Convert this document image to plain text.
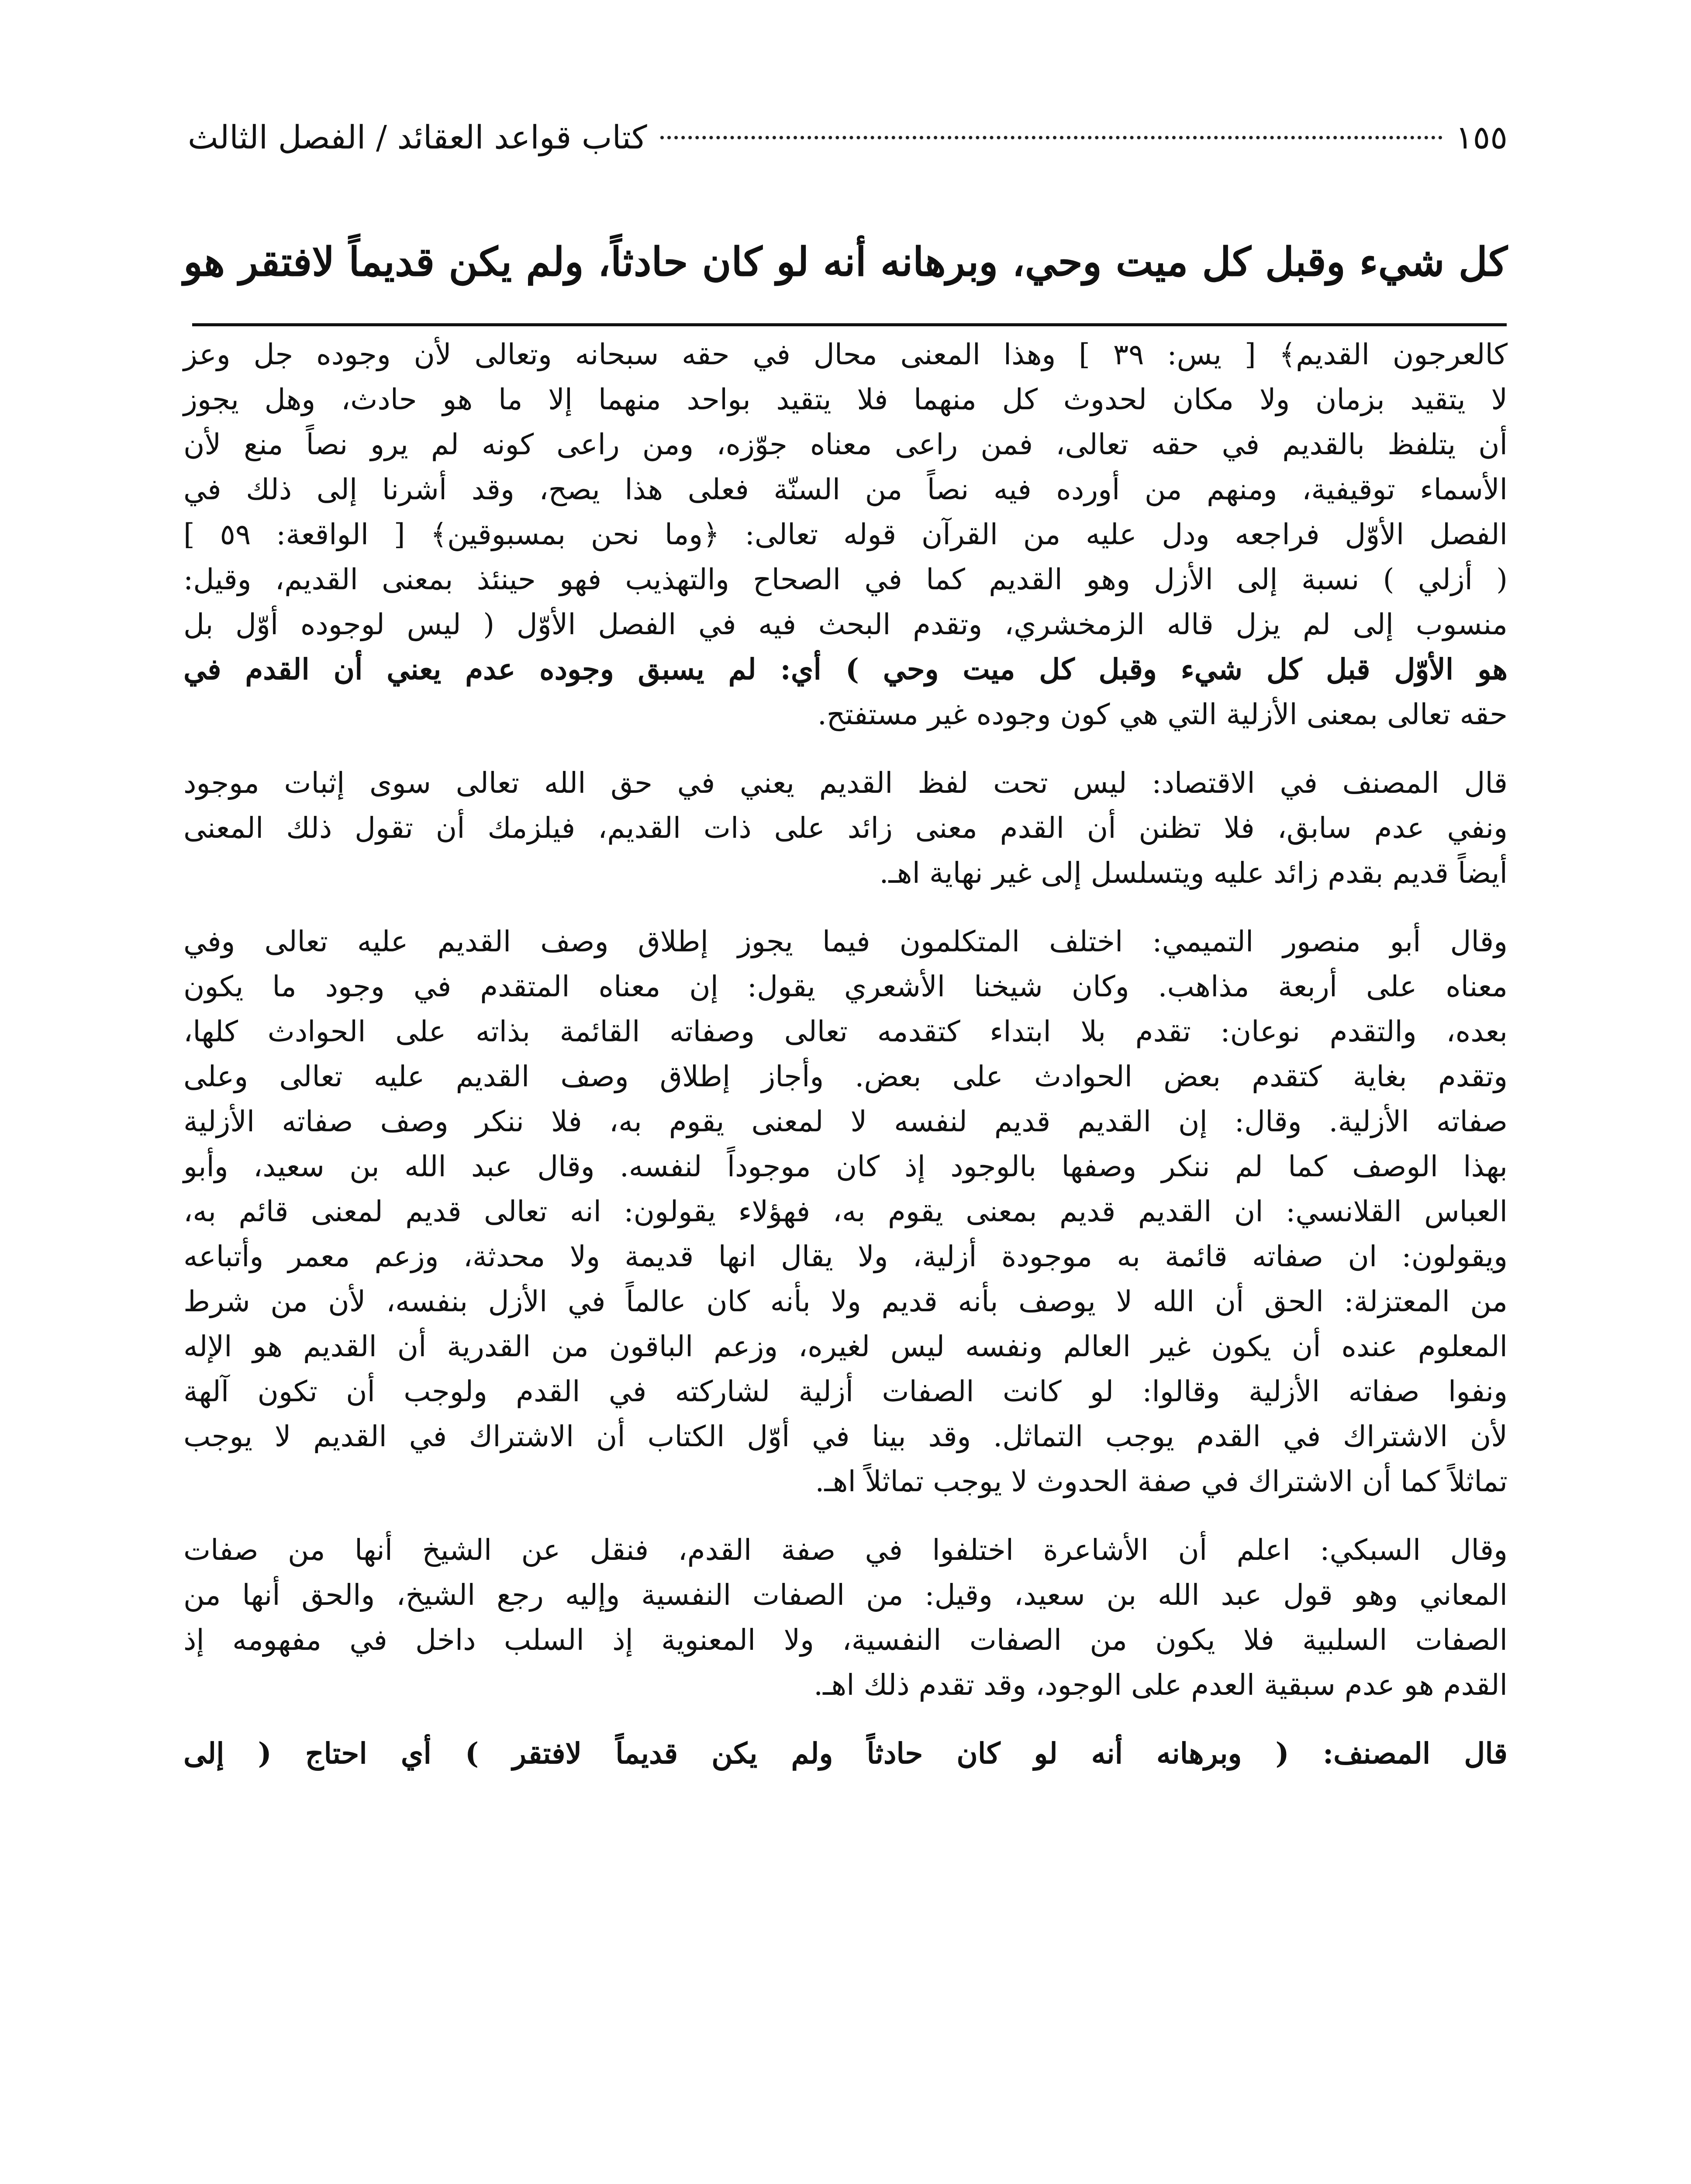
كتاب قواعد العقائد / الفصل الثالث	١٥٥
كل شيء وقبل كل ميت وحي، وبرهانه أنه لو كان حادثاً، ولم يكن قديماً لافتقر هو
كالعرجون القديم﴾ [ يس: ٣٩ ] وهذا المعنى محال في حقه سبحانه وتعالى لأن وجوده جل وعز
لا يتقيد بزمان ولا مكان لحدوث كل منهما فلا يتقيد بواحد منهما إلا ما هو حادث، وهل يجوز
أن يتلفظ بالقديم في حقه تعالى، فمن راعى معناه جوّزه، ومن راعى كونه لم يرو نصاً منع لأن
الأسماء توقيفية، ومنهم من أورده فيه نصاً من السنّة فعلى هذا يصح، وقد أشرنا إلى ذلك في
الفصل الأوّل فراجعه ودل عليه من القرآن قوله تعالى: ﴿وما نحن بمسبوقين﴾ [ الواقعة: ٥٩ ]
( أزلي ) نسبة إلى الأزل وهو القديم كما في الصحاح والتهذيب فهو حينئذ بمعنى القديم، وقيل:
منسوب إلى لم يزل قاله الزمخشري، وتقدم البحث فيه في الفصل الأوّل ( ليس لوجوده أوّل بل
هو الأوّل قبل كل شيء وقبل كل ميت وحي ) أي: لم يسبق وجوده عدم يعني أن القدم في
حقه تعالى بمعنى الأزلية التي هي كون وجوده غير مستفتح.
قال المصنف في الاقتصاد: ليس تحت لفظ القديم يعني في حق الله تعالى سوى إثبات موجود
ونفي عدم سابق، فلا تظنن أن القدم معنى زائد على ذات القديم، فيلزمك أن تقول ذلك المعنى
أيضاً قديم بقدم زائد عليه ويتسلسل إلى غير نهاية اهـ.
وقال أبو منصور التميمي: اختلف المتكلمون فيما يجوز إطلاق وصف القديم عليه تعالى وفي
معناه على أربعة مذاهب. وكان شيخنا الأشعري يقول: إن معناه المتقدم في وجود ما يكون
بعده، والتقدم نوعان: تقدم بلا ابتداء كتقدمه تعالى وصفاته القائمة بذاته على الحوادث كلها،
وتقدم بغاية كتقدم بعض الحوادث على بعض. وأجاز إطلاق وصف القديم عليه تعالى وعلى
صفاته الأزلية. وقال: إن القديم قديم لنفسه لا لمعنى يقوم به، فلا ننكر وصف صفاته الأزلية
بهذا الوصف كما لم ننكر وصفها بالوجود إذ كان موجوداً لنفسه. وقال عبد الله بن سعيد، وأبو
العباس القلانسي: ان القديم قديم بمعنى يقوم به، فهؤلاء يقولون: انه تعالى قديم لمعنى قائم به،
ويقولون: ان صفاته قائمة به موجودة أزلية، ولا يقال انها قديمة ولا محدثة، وزعم معمر وأتباعه
من المعتزلة: الحق أن الله لا يوصف بأنه قديم ولا بأنه كان عالماً في الأزل بنفسه، لأن من شرط
المعلوم عنده أن يكون غير العالم ونفسه ليس لغيره، وزعم الباقون من القدرية أن القديم هو الإله
ونفوا صفاته الأزلية وقالوا: لو كانت الصفات أزلية لشاركته في القدم ولوجب أن تكون آلهة
لأن الاشتراك في القدم يوجب التماثل. وقد بينا في أوّل الكتاب أن الاشتراك في القديم لا يوجب
تماثلاً كما أن الاشتراك في صفة الحدوث لا يوجب تماثلاً اهـ.
وقال السبكي: اعلم أن الأشاعرة اختلفوا في صفة القدم، فنقل عن الشيخ أنها من صفات
المعاني وهو قول عبد الله بن سعيد، وقيل: من الصفات النفسية وإليه رجع الشيخ، والحق أنها من
الصفات السلبية فلا يكون من الصفات النفسية، ولا المعنوية إذ السلب داخل في مفهومه إذ
القدم هو عدم سبقية العدم على الوجود، وقد تقدم ذلك اهـ.
قال المصنف: ( وبرهانه أنه لو كان حادثاً ولم يكن قديماً لافتقر ) أي احتاج ( إلى
